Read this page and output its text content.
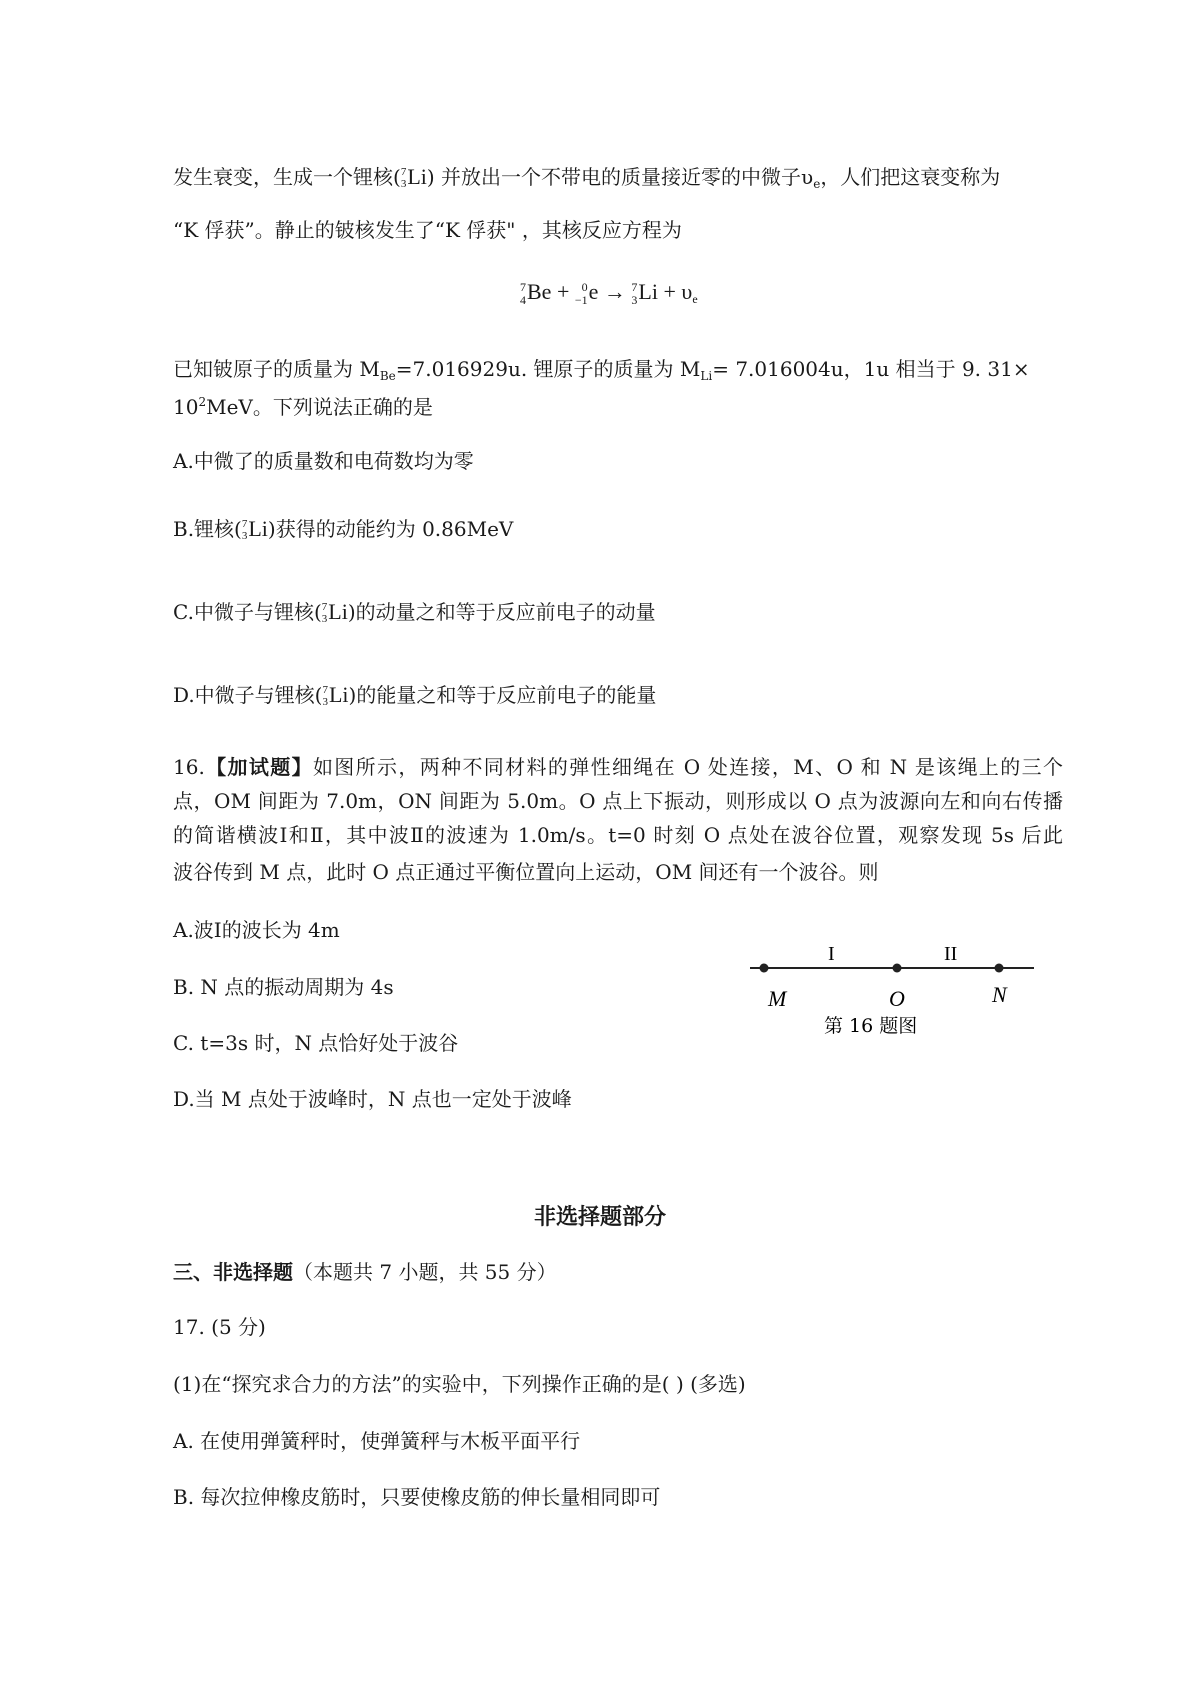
发生衰变，生成一个锂核( 7
3 Li) 并放出一个不带电的质量接近零的中微子$\upsilon_e$，人们把这衰变称为
“K 俘获”。静止的铍核发生了“K 俘获" ，其核反应方程为
7
4 Be +	0
−1 e → 7
3 $Li + \upsilon_e$
已知铍原子的质量为 $M_{Be}=7.016929u$. 锂原子的质量为 $M_{Li}= 7.016004u$，1u 相当于 9. 31×
$10^2MeV$。下列说法正确的是
A.中微了的质量数和电荷数均为零
B.锂核( 7
3 Li)获得的动能约为 0.86MeV
C.中微子与锂核( 7
3 Li)的动量之和等于反应前电子的动量
D.中微子与锂核( 7
3 Li)的能量之和等于反应前电子的能量
16.【加试题】如图所示，两种不同材料的弹性细绳在 O 处连接，M、O 和 N 是该绳上的三个
点，OM 间距为 7.0m，ON 间距为 5.0m。O 点上下振动，则形成以 O 点为波源向左和向右传播
的简谐横波Ⅰ和Ⅱ，其中波Ⅱ的波速为 1.0m/s。t=0 时刻 O 点处在波谷位置，观察发现 5s 后此
波谷传到 M 点，此时 O 点正通过平衡位置向上运动，OM 间还有一个波谷。则
A.波Ⅰ的波长为 4m
B. N 点的振动周期为 4s
C. t=3s 时，N 点恰好处于波谷
D.当 M 点处于波峰时，N 点也一定处于波峰
I	II
M	O	N
第 16 题图
非选择题部分
三、非选择题（本题共 7 小题，共 55 分）
17. (5 分)
(1)在“探究求合力的方法”的实验中，下列操作正确的是( ) (多选)
A. 在使用弹簧秤时，使弹簧秤与木板平面平行
B. 每次拉伸橡皮筋时，只要使橡皮筋的伸长量相同即可
